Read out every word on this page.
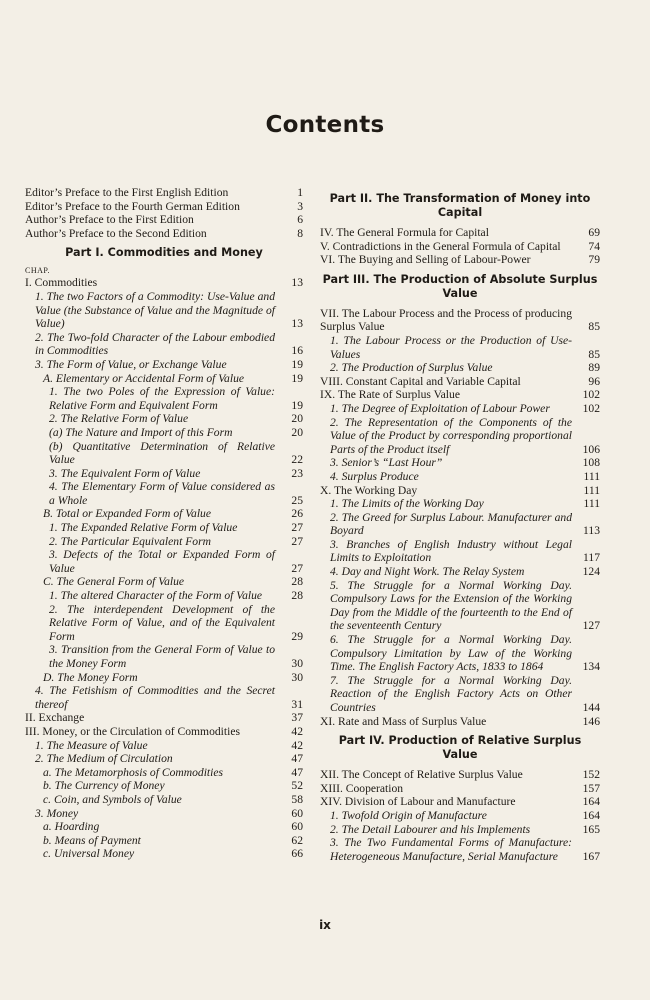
Contents
Editor’s Preface to the First English Edition	1
Editor’s Preface to the Fourth German Edition	3
Author’s Preface to the First Edition	6
Author’s Preface to the Second Edition	8
Part I. Commodities and Money
CHAP.
I. Commodities	13
1. The two Factors of a Commodity: Use-Value and Value (the Substance of Value and the Magnitude of Value)	13
2. The Two-fold Character of the Labour embodied in Commodities	16
3. The Form of Value, or Exchange Value	19
A. Elementary or Accidental Form of Value	19
1. The two Poles of the Expression of Value: Relative Form and Equivalent Form	19
2. The Relative Form of Value	20
(a) The Nature and Import of this Form	20
(b) Quantitative Determination of Relative Value	22
3. The Equivalent Form of Value	23
4. The Elementary Form of Value considered as a Whole	25
B. Total or Expanded Form of Value	26
1. The Expanded Relative Form of Value	27
2. The Particular Equivalent Form	27
3. Defects of the Total or Expanded Form of Value	27
C. The General Form of Value	28
1. The altered Character of the Form of Value	28
2. The interdependent Development of the Relative Form of Value, and of the Equivalent Form	29
3. Transition from the General Form of Value to the Money Form	30
D. The Money Form	30
4. The Fetishism of Commodities and the Secret thereof	31
II. Exchange	37
III. Money, or the Circulation of Commodities	42
1. The Measure of Value	42
2. The Medium of Circulation	47
a. The Metamorphosis of Commodities	47
b. The Currency of Money	52
c. Coin, and Symbols of Value	58
3. Money	60
a. Hoarding	60
b. Means of Payment	62
c. Universal Money	66
Part II. The Transformation of Money into Capital
IV. The General Formula for Capital	69
V. Contradictions in the General Formula of Capital	74
VI. The Buying and Selling of Labour-Power	79
Part III. The Production of Absolute Surplus Value
VII. The Labour Process and the Process of producing Surplus Value	85
1. The Labour Process or the Production of Use-Values	85
2. The Production of Surplus Value	89
VIII. Constant Capital and Variable Capital	96
IX. The Rate of Surplus Value	102
1. The Degree of Exploitation of Labour Power	102
2. The Representation of the Components of the Value of the Product by corresponding proportional Parts of the Product itself	106
3. Senior’s “Last Hour”	108
4. Surplus Produce	111
X. The Working Day	111
1. The Limits of the Working Day	111
2. The Greed for Surplus Labour. Manufacturer and Boyard	113
3. Branches of English Industry without Legal Limits to Exploitation	117
4. Day and Night Work. The Relay System	124
5. The Struggle for a Normal Working Day. Compulsory Laws for the Extension of the Working Day from the Middle of the fourteenth to the End of the seventeenth Century	127
6. The Struggle for a Normal Working Day. Compulsory Limitation by Law of the Working Time. The English Factory Acts, 1833 to 1864	134
7. The Struggle for a Normal Working Day. Reaction of the English Factory Acts on Other Countries	144
XI. Rate and Mass of Surplus Value	146
Part IV. Production of Relative Surplus Value
XII. The Concept of Relative Surplus Value	152
XIII. Cooperation	157
XIV. Division of Labour and Manufacture	164
1. Twofold Origin of Manufacture	164
2. The Detail Labourer and his Implements	165
3. The Two Fundamental Forms of Manufacture: Heterogeneous Manufacture, Serial Manufacture	167
ix
